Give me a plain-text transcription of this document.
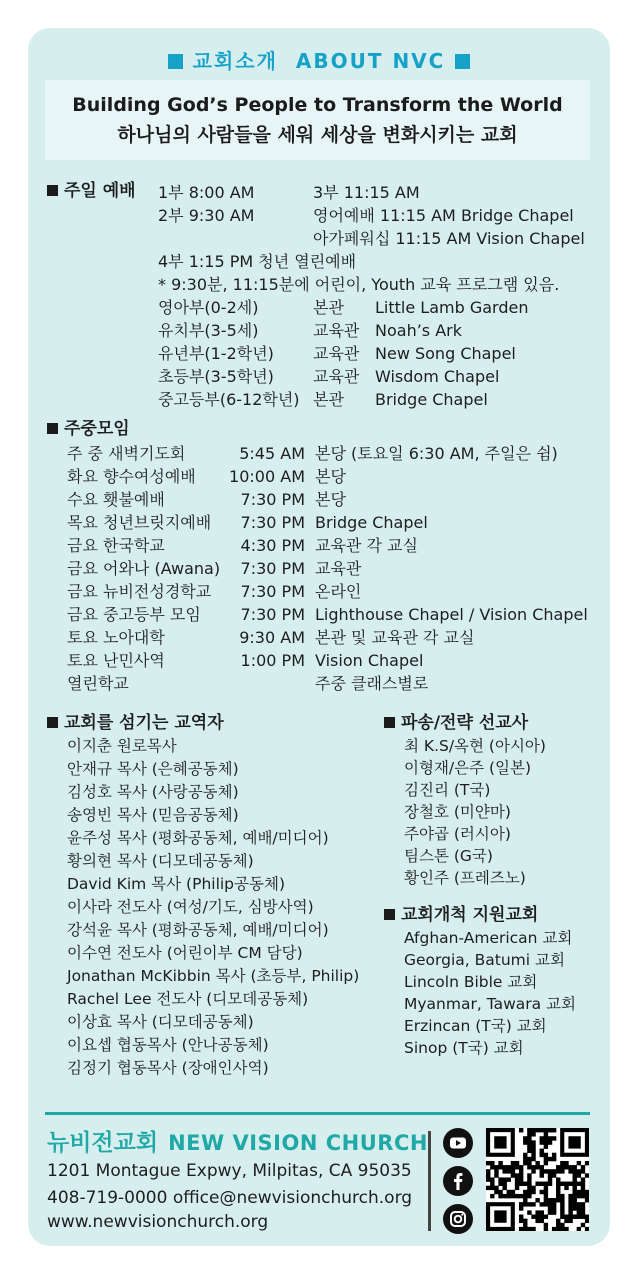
교회소개 ABOUT NVC
Building God’s People to Transform the World
하나님의 사람들을 세워 세상을 변화시키는 교회
주일 예배 1부 8:00 AM	3부 11:15 AM
2부 9:30 AM	영어예배 11:15 AM Bridge Chapel
아가페워십 11:15 AM Vision Chapel
4부 1:15 PM 청년 열린예배
* 9:30분, 11:15분에 어린이, Youth 교육 프로그램 있음.
영아부(0-2세)	본관 Little Lamb Garden
유치부(3-5세)	교육관 Noah’s Ark
유년부(1-2학년) 교육관 New Song Chapel
초등부(3-5학년) 교육관 Wisdom Chapel
중고등부(6-12학년) 본관 Bridge Chapel
주중모임
주 중 새벽기도회	5:45 AM 본당 (토요일 6:30 AM, 주일은 쉼)
화요 향수여성예배	10:00 AM 본당
수요 횃불예배	7:30 PM 본당
목요 청년브릿지예배	7:30 PM Bridge Chapel
금요 한국학교	4:30 PM 교육관 각 교실
금요 어와나 (Awana)	7:30 PM 교육관
금요 뉴비전성경학교	7:30 PM 온라인
금요 중고등부 모임	7:30 PM Lighthouse Chapel / Vision Chapel
토요 노아대학	9:30 AM 본관 및 교육관 각 교실
토요 난민사역	1:00 PM Vision Chapel
열린학교	주중 클래스별로
교회를 섬기는 교역자
이지춘 원로목사
안재규 목사 (은혜공동체)
김성호 목사 (사랑공동체)
송영빈 목사 (믿음공동체)
윤주성 목사 (평화공동체, 예배/미디어)
황의현 목사 (디모데공동체)
David Kim 목사 (Philip공동체)
이사라 전도사 (여성/기도, 심방사역)
강석윤 목사 (평화공동체, 예배/미디어)
이수연 전도사 (어린이부 CM 담당)
Jonathan McKibbin 목사 (초등부, Philip)
Rachel Lee 전도사 (디모데공동체)
이상효 목사 (디모데공동체)
이요셉 협동목사 (안나공동체)
김정기 협동목사 (장애인사역)
파송/전략 선교사
최 K.S/옥현 (아시아)
이형재/은주 (일본)
김진리 (T국)
장철호 (미얀마)
주야곱 (러시아)
팀스톤 (G국)
황인주 (프레즈노)
교회개척 지원교회
Afghan-American 교회
Georgia, Batumi 교회
Lincoln Bible 교회
Myanmar, Tawara 교회
Erzincan (T국) 교회
Sinop (T국) 교회
뉴비전교회 NEW VISION CHURCH
1201 Montague Expwy, Milpitas, CA 95035
408-719-0000 office@newvisionchurch.org
www.newvisionchurch.org
